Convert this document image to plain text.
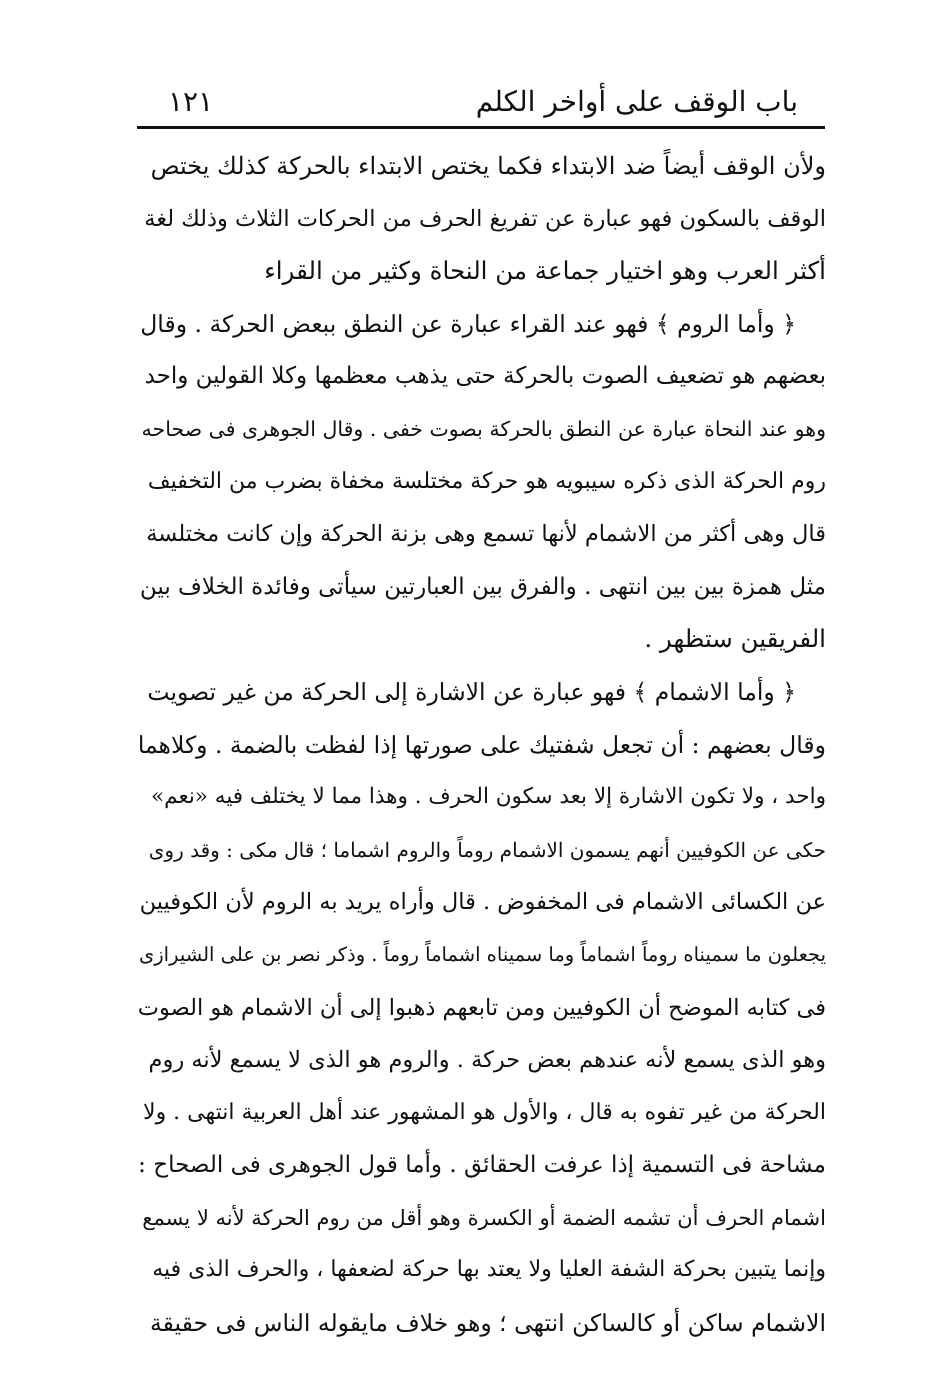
باب الوقف على أواخر الكلم
١٢١
ولأن الوقف أيضاً ضد الابتداء فكما يختص الابتداء بالحركة كذلك يختص
الوقف بالسكون فهو عبارة عن تفريغ الحرف من الحركات الثلاث وذلك لغة
أكثر العرب وهو اختيار جماعة من النحاة وكثير من القراء
﴿ وأما الروم ﴾ فهو عند القراء عبارة عن النطق ببعض الحركة . وقال
بعضهم هو تضعيف الصوت بالحركة حتى يذهب معظمها وكلا القولين واحد
وهو عند النحاة عبارة عن النطق بالحركة بصوت خفى . وقال الجوهرى فى صحاحه
روم الحركة الذى ذكره سيبويه هو حركة مختلسة مخفاة بضرب من التخفيف
قال وهى أكثر من الاشمام لأنها تسمع وهى بزنة الحركة وإن كانت مختلسة
مثل همزة بين بين انتهى . والفرق بين العبارتين سيأتى وفائدة الخلاف بين
الفريقين ستظهر .
﴿ وأما الاشمام ﴾ فهو عبارة عن الاشارة إلى الحركة من غير تصويت
وقال بعضهم : أن تجعل شفتيك على صورتها إذا لفظت بالضمة . وكلاهما
واحد ، ولا تكون الاشارة إلا بعد سكون الحرف . وهذا مما لا يختلف فيه «نعم»
حكى عن الكوفيين أنهم يسمون الاشمام روماً والروم اشماما ؛ قال مكى : وقد روى
عن الكسائى الاشمام فى المخفوض . قال وأراه يريد به الروم لأن الكوفيين
يجعلون ما سميناه روماً اشماماً وما سميناه اشماماً روماً . وذكر نصر بن على الشيرازى
فى كتابه الموضح أن الكوفيين ومن تابعهم ذهبوا إلى أن الاشمام هو الصوت
وهو الذى يسمع لأنه عندهم بعض حركة . والروم هو الذى لا يسمع لأنه روم
الحركة من غير تفوه به قال ، والأول هو المشهور عند أهل العربية انتهى . ولا
مشاحة فى التسمية إذا عرفت الحقائق . وأما قول الجوهرى فى الصحاح :
اشمام الحرف أن تشمه الضمة أو الكسرة وهو أقل من روم الحركة لأنه لا يسمع
وإنما يتبين بحركة الشفة العليا ولا يعتد بها حركة لضعفها ، والحرف الذى فيه
الاشمام ساكن أو كالساكن انتهى ؛ وهو خلاف مايقوله الناس فى حقيقة
